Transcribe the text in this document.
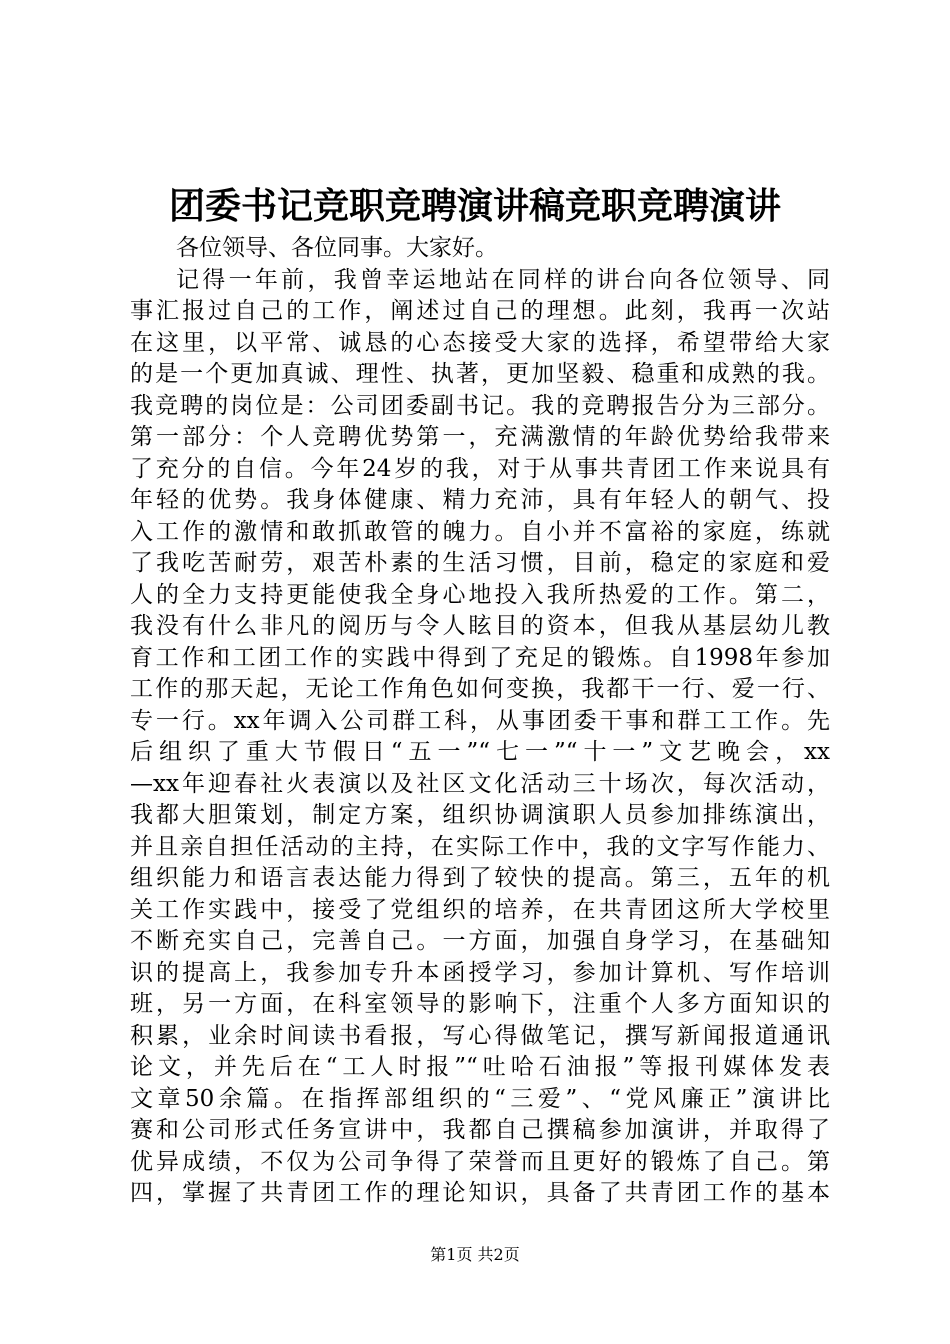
团委书记竞职竞聘演讲稿竞职竞聘演讲
各位领导、各位同事。大家好。
记得一年前，我曾幸运地站在同样的讲台向各位领导、同
事汇报过自己的工作，阐述过自己的理想。此刻，我再一次站
在这里，以平常、诚恳的心态接受大家的选择，希望带给大家
的是一个更加真诚、理性、执著，更加坚毅、稳重和成熟的我。
我竞聘的岗位是：公司团委副书记。我的竞聘报告分为三部分。
第一部分：个人竞聘优势第一，充满激情的年龄优势给我带来
了充分的自信。今年24岁的我，对于从事共青团工作来说具有
年轻的优势。我身体健康、精力充沛，具有年轻人的朝气、投
入工作的激情和敢抓敢管的魄力。自小并不富裕的家庭，练就
了我吃苦耐劳，艰苦朴素的生活习惯，目前，稳定的家庭和爱
人的全力支持更能使我全身心地投入我所热爱的工作。第二，
我没有什么非凡的阅历与令人眩目的资本，但我从基层幼儿教
育工作和工团工作的实践中得到了充足的锻炼。自1998年参加
工作的那天起，无论工作角色如何变换，我都干一行、爱一行、
专一行。xx年调入公司群工科，从事团委干事和群工工作。先
后组织了重大节假日“五一”“七一”“十一”文艺晚会，xx
—xx年迎春社火表演以及社区文化活动三十场次，每次活动，
我都大胆策划，制定方案，组织协调演职人员参加排练演出，
并且亲自担任活动的主持，在实际工作中，我的文字写作能力、
组织能力和语言表达能力得到了较快的提高。第三，五年的机
关工作实践中，接受了党组织的培养，在共青团这所大学校里
不断充实自己，完善自己。一方面，加强自身学习，在基础知
识的提高上，我参加专升本函授学习，参加计算机、写作培训
班，另一方面，在科室领导的影响下，注重个人多方面知识的
积累，业余时间读书看报，写心得做笔记，撰写新闻报道通讯
论文，并先后在“工人时报”“吐哈石油报”等报刊媒体发表
文章50余篇。在指挥部组织的“三爱”、“党风廉正”演讲比
赛和公司形式任务宣讲中，我都自己撰稿参加演讲，并取得了
优异成绩，不仅为公司争得了荣誉而且更好的锻炼了自己。第
四，掌握了共青团工作的理论知识，具备了共青团工作的基本
第1页 共2页
